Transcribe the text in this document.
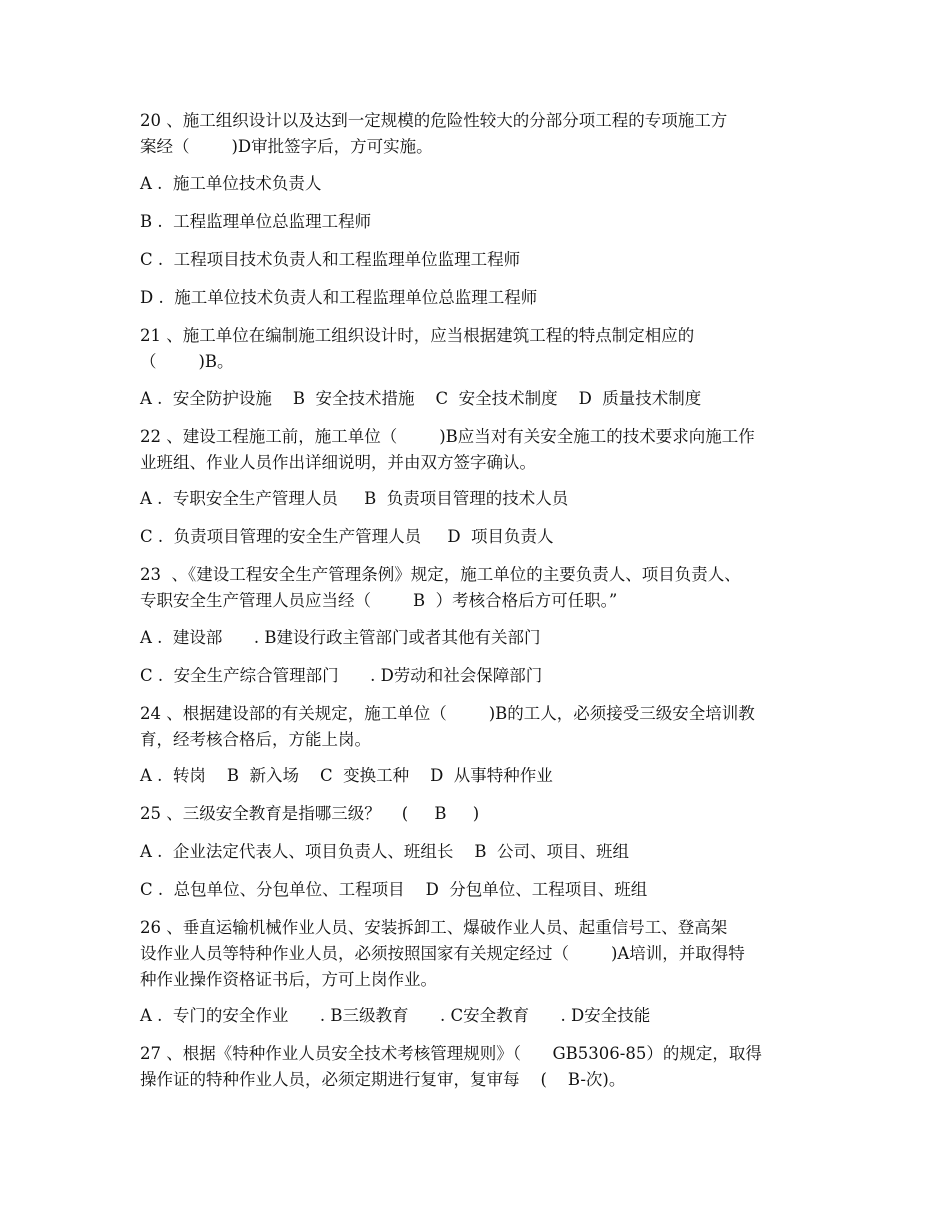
20 、施工组织设计以及达到一定规模的危险性较大的分部分项工程的专项施工方
案经（        )D审批签字后，方可实施。
A .  施工单位技术负责人
B .  工程监理单位总监理工程师
C .  工程项目技术负责人和工程监理单位监理工程师
D .  施工单位技术负责人和工程监理单位总监理工程师
21 、施工单位在编制施工组织设计时，应当根据建筑工程的特点制定相应的
（        )B。
A .  安全防护设施    B  安全技术措施    C  安全技术制度    D  质量技术制度
22 、建设工程施工前，施工单位（        )B应当对有关安全施工的技术要求向施工作
业班组、作业人员作出详细说明，并由双方签字确认。
A .  专职安全生产管理人员     B  负责项目管理的技术人员
C .  负责项目管理的安全生产管理人员     D  项目负责人
23  、《建设工程安全生产管理条例》规定，施工单位的主要负责人、项目负责人、
专职安全生产管理人员应当经（        B  ）考核合格后方可任职。”
A .  建设部      . B建设行政主管部门或者其他有关部门
C .  安全生产综合管理部门      . D劳动和社会保障部门
24 、根据建设部的有关规定，施工单位（        )B的工人，必须接受三级安全培训教
育，经考核合格后，方能上岗。
A .  转岗    B  新入场    C  变换工种    D  从事特种作业
25 、三级安全教育是指哪三级？    (     B     )
A .  企业法定代表人、项目负责人、班组长    B  公司、项目、班组
C .  总包单位、分包单位、工程项目    D  分包单位、工程项目、班组
26 、垂直运输机械作业人员、安装拆卸工、爆破作业人员、起重信号工、登高架
设作业人员等特种作业人员，必须按照国家有关规定经过（        )A培训，并取得特
种作业操作资格证书后，方可上岗作业。
A .  专门的安全作业      . B三级教育      . C安全教育      . D安全技能
27 、根据《特种作业人员安全技术考核管理规则》（      GB5306-85）的规定，取得
操作证的特种作业人员，必须定期进行复审，复审每    (    B-次)。
